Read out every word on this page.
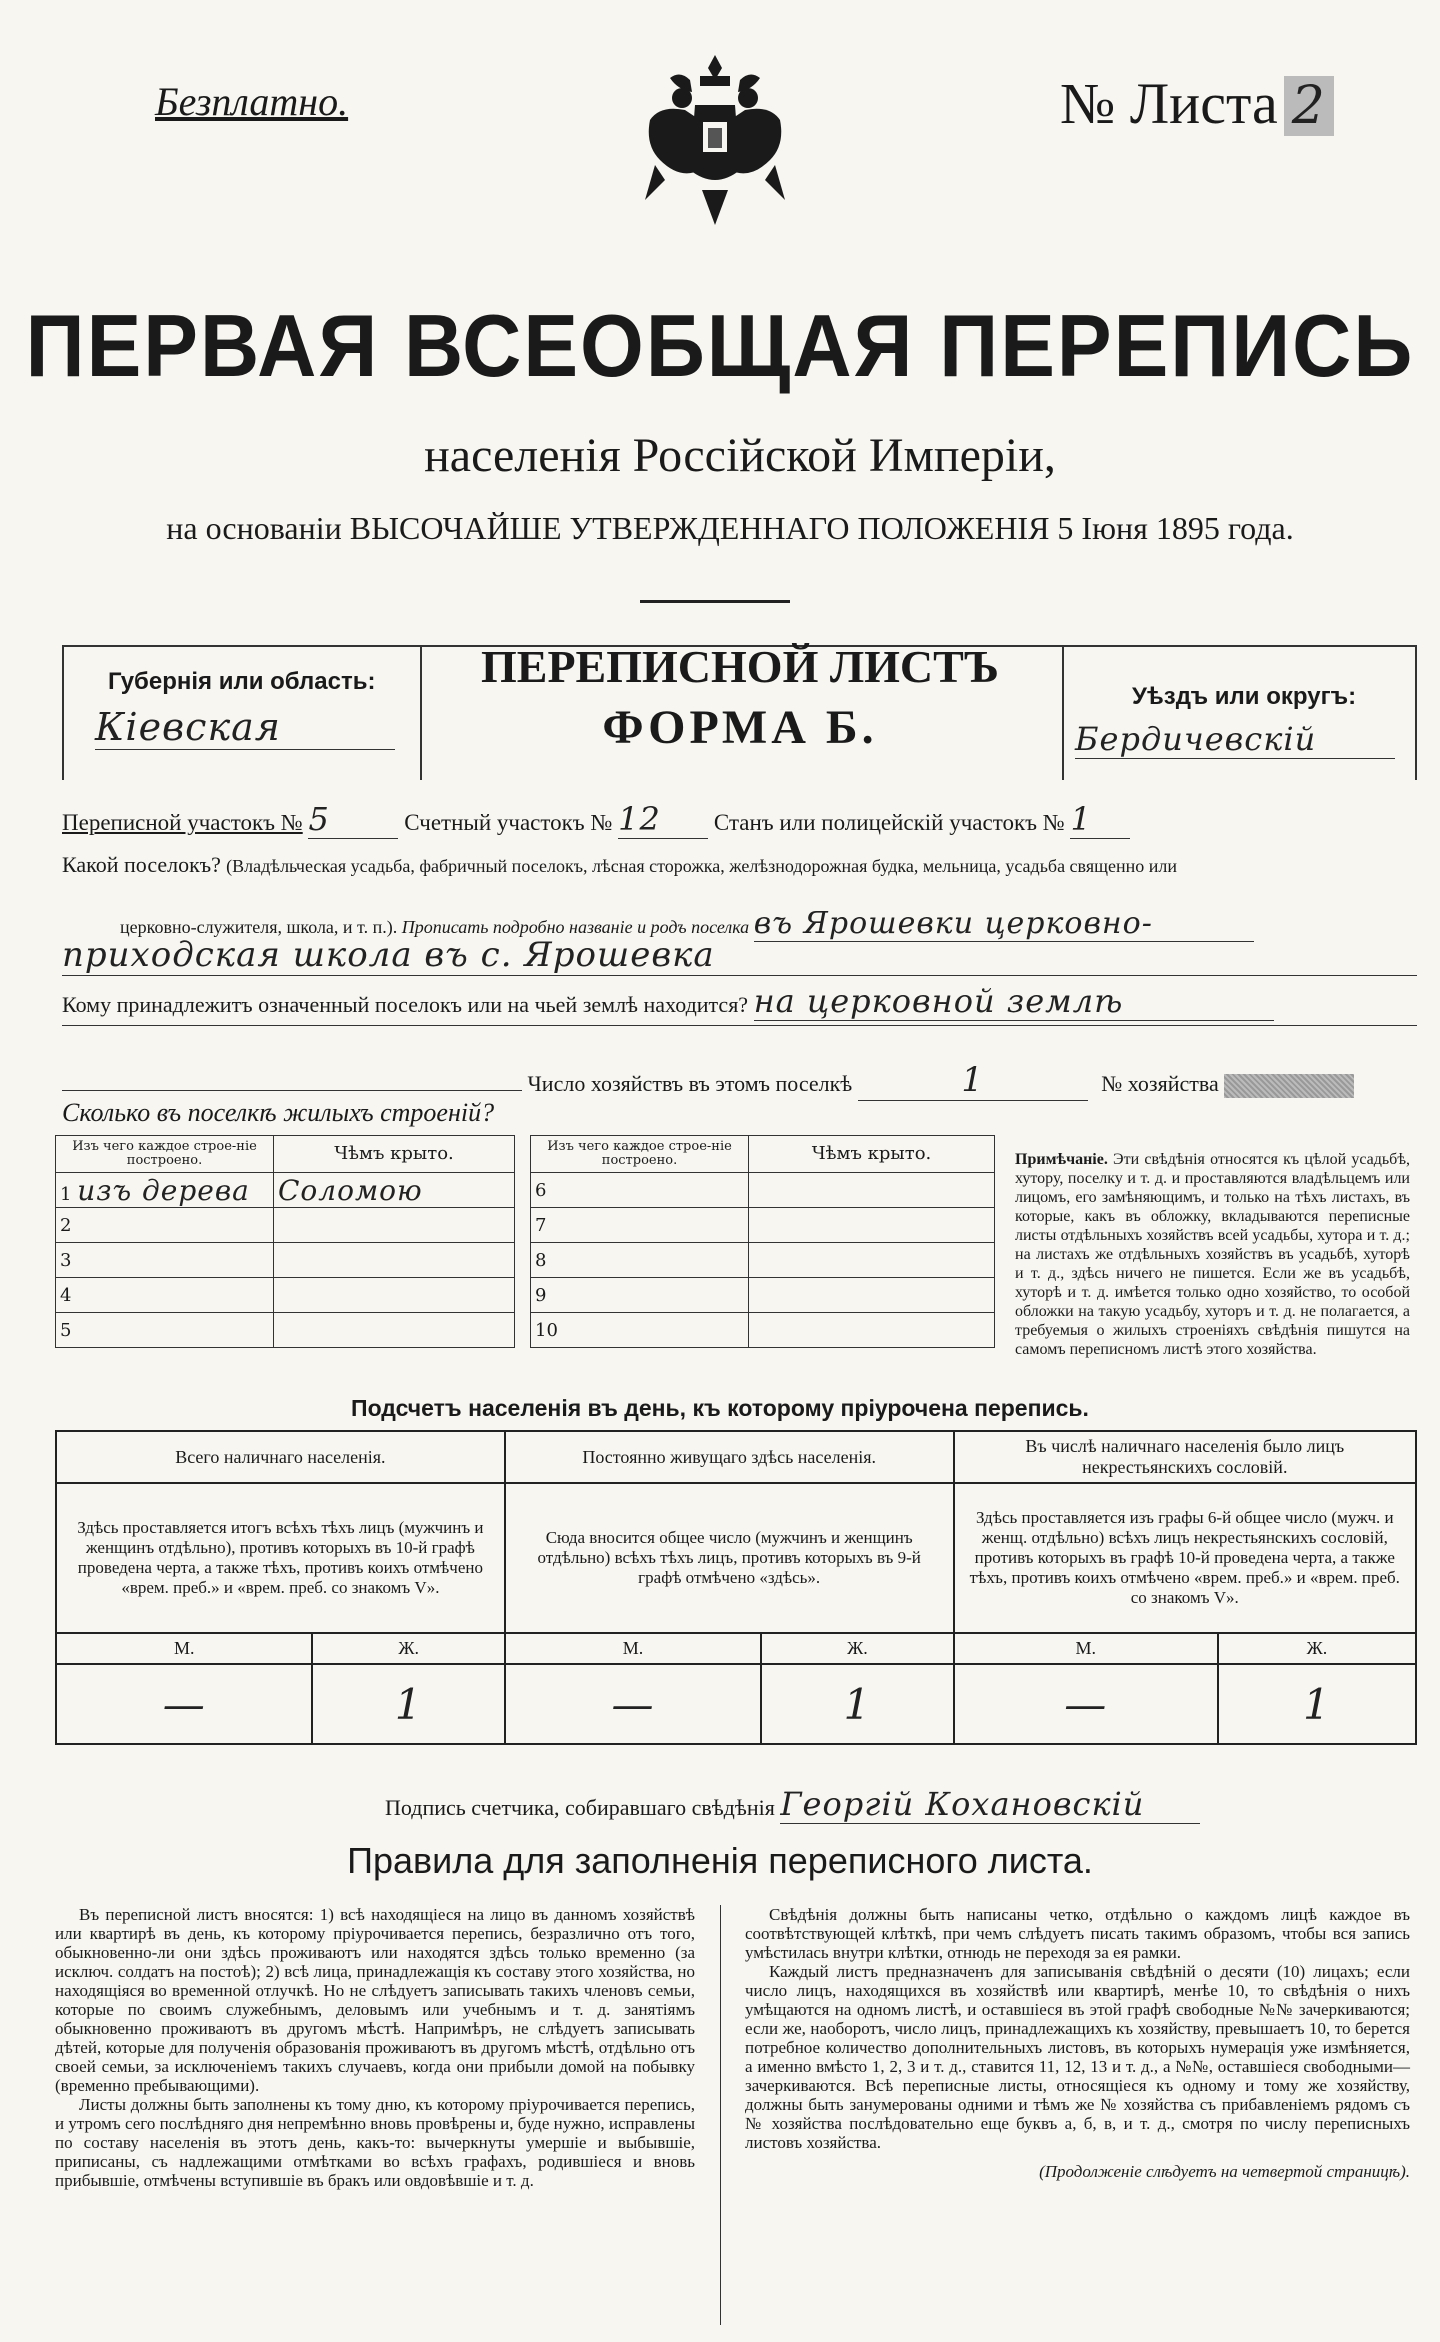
Безплатно.	№ Листа 2
ПЕРВАЯ ВСЕОБЩАЯ ПЕРЕПИСЬ
населенія Россійской Имперіи,
на основаніи ВЫСОЧАЙШЕ УТВЕРЖДЕННАГО ПОЛОЖЕНІЯ 5 Іюня 1895 года.
Губернія или область:
Кіевская
ПЕРЕПИСНОЙ ЛИСТЪ
ФОРМА Б.
Уѣздъ или округъ:
Бердичевскій
Переписной участокъ № 5	Счетный участокъ № 12 Станъ или полицейскій участокъ № 1
Какой поселокъ? (Владѣльческая усадьба, фабричный поселокъ, лѣсная сторожка, желѣзнодорожная будка, мельница, усадьба священно или
церковно-служителя, школа, и т. п.). Прописать подробно названіе и родъ поселка въ Ярошевки церковно-
приходская школа въ с. Ярошевка
Кому принадлежитъ означенный поселокъ или на чьей землѣ находится? на церковной землѣ
Число хозяйствъ въ этомъ поселкѣ	1	№ хозяйства
Сколько въ поселкѣ жилыхъ строеній?
Изъ чего каждое строе-ніе построено.	Чѣмъ крыто.
1 изъ дерева	Соломою
2	
3	
4	
5	
Изъ чего каждое строе-ніе построено.	Чѣмъ крыто.
6	
7	
8	
9	
10	
Примѣчаніе. Эти свѣдѣнія относятся къ цѣлой усадьбѣ, хутору, поселку и т. д. и проставляются владѣльцемъ или лицомъ, его замѣняющимъ, и только на тѣхъ листахъ, въ которые, какъ въ обложку, вкладываются переписные листы отдѣльныхъ хозяйствъ всей усадьбы, хутора и т. д.; на листахъ же отдѣльныхъ хозяйствъ въ усадьбѣ, хуторѣ и т. д., здѣсь ничего не пишется. Если же въ усадьбѣ, хуторѣ и т. д. имѣется только одно хозяйство, то особой обложки на такую усадьбу, хуторъ и т. д. не полагается, а требуемыя о жилыхъ строеніяхъ свѣдѣнія пишутся на самомъ переписномъ листѣ этого хозяйства.
Подсчетъ населенія въ день, къ которому пріурочена перепись.
Всего наличнаго населенія.		Постоянно живущаго здѣсь населенія.		Въ числѣ наличнаго населенія было лицъ некрестьянскихъ сословій.	
Здѣсь проставляется итогъ всѣхъ тѣхъ лицъ (мужчинъ и женщинъ отдѣльно), противъ которыхъ въ 10-й графѣ проведена черта, а также тѣхъ, противъ коихъ отмѣчено «врем. преб.» и «врем. преб. со знакомъ V».		Сюда вносится общее число (мужчинъ и женщинъ отдѣльно) всѣхъ тѣхъ лицъ, противъ которыхъ въ 9-й графѣ отмѣчено «здѣсь».		Здѣсь проставляется изъ графы 6-й общее число (мужч. и женщ. отдѣльно) всѣхъ лицъ некрестьянскихъ сословій, противъ которыхъ въ графѣ 10-й проведена черта, а также тѣхъ, противъ коихъ отмѣчено «врем. преб.» и «врем. преб. со знакомъ V».	
М.	Ж.	М.	Ж.	М.	Ж.
—	1	—	1	—	1
Подпись счетчика, собиравшаго свѣдѣнія Георгій Кохановскій
Правила для заполненія переписного листа.

Въ переписной листъ вносятся: 1) всѣ находящіеся на лицо въ данномъ хозяйствѣ или квартирѣ въ день, къ которому пріурочивается перепись, безразлично отъ того, обыкновенно-ли они здѣсь проживаютъ или находятся здѣсь только временно (за исключ. солдатъ на постоѣ); 2) всѣ лица, принадлежащія къ составу этого хозяйства, но находящіяся во временной отлучкѣ. Но не слѣдуетъ записывать такихъ членовъ семьи, которые по своимъ служебнымъ, деловымъ или учебнымъ и т. д. занятіямъ обыкновенно проживаютъ въ другомъ мѣстѣ. Напримѣръ, не слѣдуетъ записывать дѣтей, которые для полученія образованія проживаютъ въ другомъ мѣстѣ, отдѣльно отъ своей семьи, за исключеніемъ такихъ случаевъ, когда они прибыли домой на побывку (временно пребывающими).

Листы должны быть заполнены къ тому дню, къ которому пріурочивается перепись, и утромъ сего послѣдняго дня непремѣнно вновь провѣрены и, буде нужно, исправлены по составу населенія въ этотъ день, какъ-то: вычеркнуты умершіе и выбывшіе, приписаны, съ надлежащими отмѣтками во всѣхъ графахъ, родившіеся и вновь прибывшіе, отмѣчены вступившіе въ бракъ или овдовѣвшіе и т. д.

Свѣдѣнія должны быть написаны четко, отдѣльно о каждомъ лицѣ каждое въ соотвѣтствующей клѣткѣ, при чемъ слѣдуетъ писать такимъ образомъ, чтобы вся запись умѣстилась внутри клѣтки, отнюдь не переходя за ея рамки.

Каждый листъ предназначенъ для записыванія свѣдѣній о десяти (10) лицахъ; если число лицъ, находящихся въ хозяйствѣ или квартирѣ, менѣе 10, то свѣдѣнія о нихъ умѣщаются на одномъ листѣ, и оставшіеся въ этой графѣ свободные №№ зачеркиваются; если же, наоборотъ, число лицъ, принадлежащихъ къ хозяйству, превышаетъ 10, то берется потребное количество дополнительныхъ листовъ, въ которыхъ нумерація уже измѣняется, а именно вмѣсто 1, 2, 3 и т. д., ставится 11, 12, 13 и т. д., а №№, оставшіеся свободными—зачеркиваются. Всѣ переписные листы, относящіеся къ одному и тому же хозяйству, должны быть занумерованы одними и тѣмъ же № хозяйства съ прибавленіемъ рядомъ съ № хозяйства послѣдовательно еще буквъ а, б, в, и т. д., смотря по числу переписныхъ листовъ хозяйства.

(Продолженіе слѣдуетъ на четвертой страницѣ).
